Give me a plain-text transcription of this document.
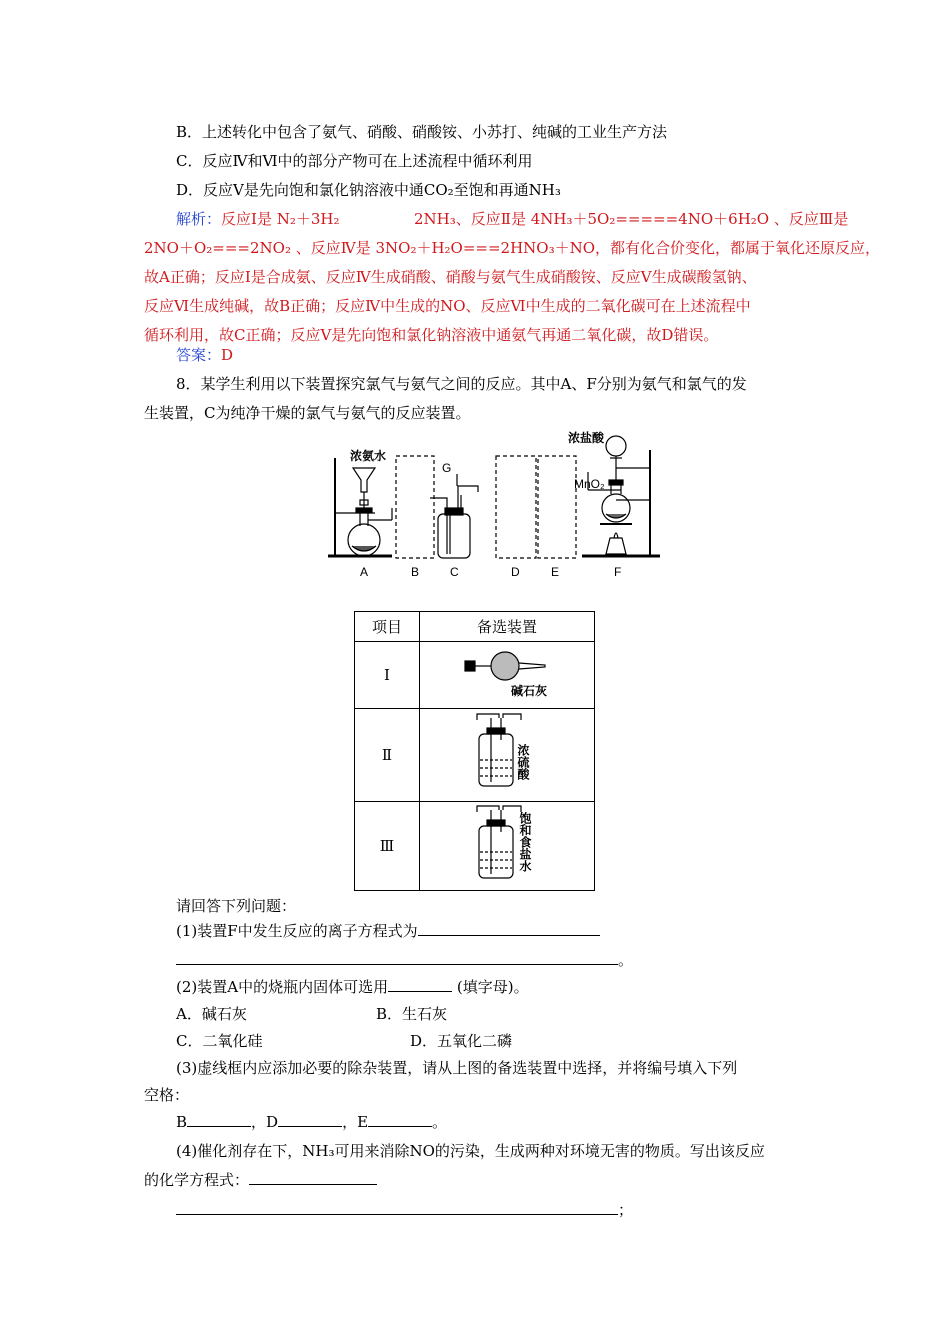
B．上述转化中包含了氨气、硝酸、硝酸铵、小苏打、纯碱的工业生产方法
C．反应Ⅳ和Ⅵ中的部分产物可在上述流程中循环利用
D．反应Ⅴ是先向饱和氯化钠溶液中通CO₂至饱和再通NH₃
解析：反应Ⅰ是 N₂＋3H₂	2NH₃、反应Ⅱ是 4NH₃＋5O₂=====4NO＋6H₂O 、反应Ⅲ是
2NO＋O₂===2NO₂ 、反应Ⅳ是 3NO₂＋H₂O===2HNO₃＋NO，都有化合价变化，都属于氧化还原反应，
故A正确；反应Ⅰ是合成氨、反应Ⅳ生成硝酸、硝酸与氨气生成硝酸铵、反应Ⅴ生成碳酸氢钠、
反应Ⅵ生成纯碱，故B正确；反应Ⅳ中生成的NO、反应Ⅵ中生成的二氧化碳可在上述流程中
循环利用，故C正确；反应Ⅴ是先向饱和氯化钠溶液中通氨气再通二氧化碳，故D错误。
答案：D
8．某学生利用以下装置探究氯气与氨气之间的反应。其中A、F分别为氨气和氯气的发
生装置，C为纯净干燥的氯气与氨气的反应装置。
浓氨水
G
浓盐酸
MnO₂
A	B	C	D	E	F
项目	备选装置
Ⅰ	碱石灰

Ⅱ	浓硫酸

Ⅲ	饱和食盐水
请回答下列问题：
(1)装置F中发生反应的离子方程式为
。
(2)装置A中的烧瓶内固体可选用	(填字母)。
A．碱石灰	B．生石灰
C．二氧化硅	D．五氧化二磷
(3)虚线框内应添加必要的除杂装置，请从上图的备选装置中选择，并将编号填入下列
空格：
B	，D	，E	。
(4)催化剂存在下，NH₃可用来消除NO的污染，生成两种对环境无害的物质。写出该反应
的化学方程式：
；
